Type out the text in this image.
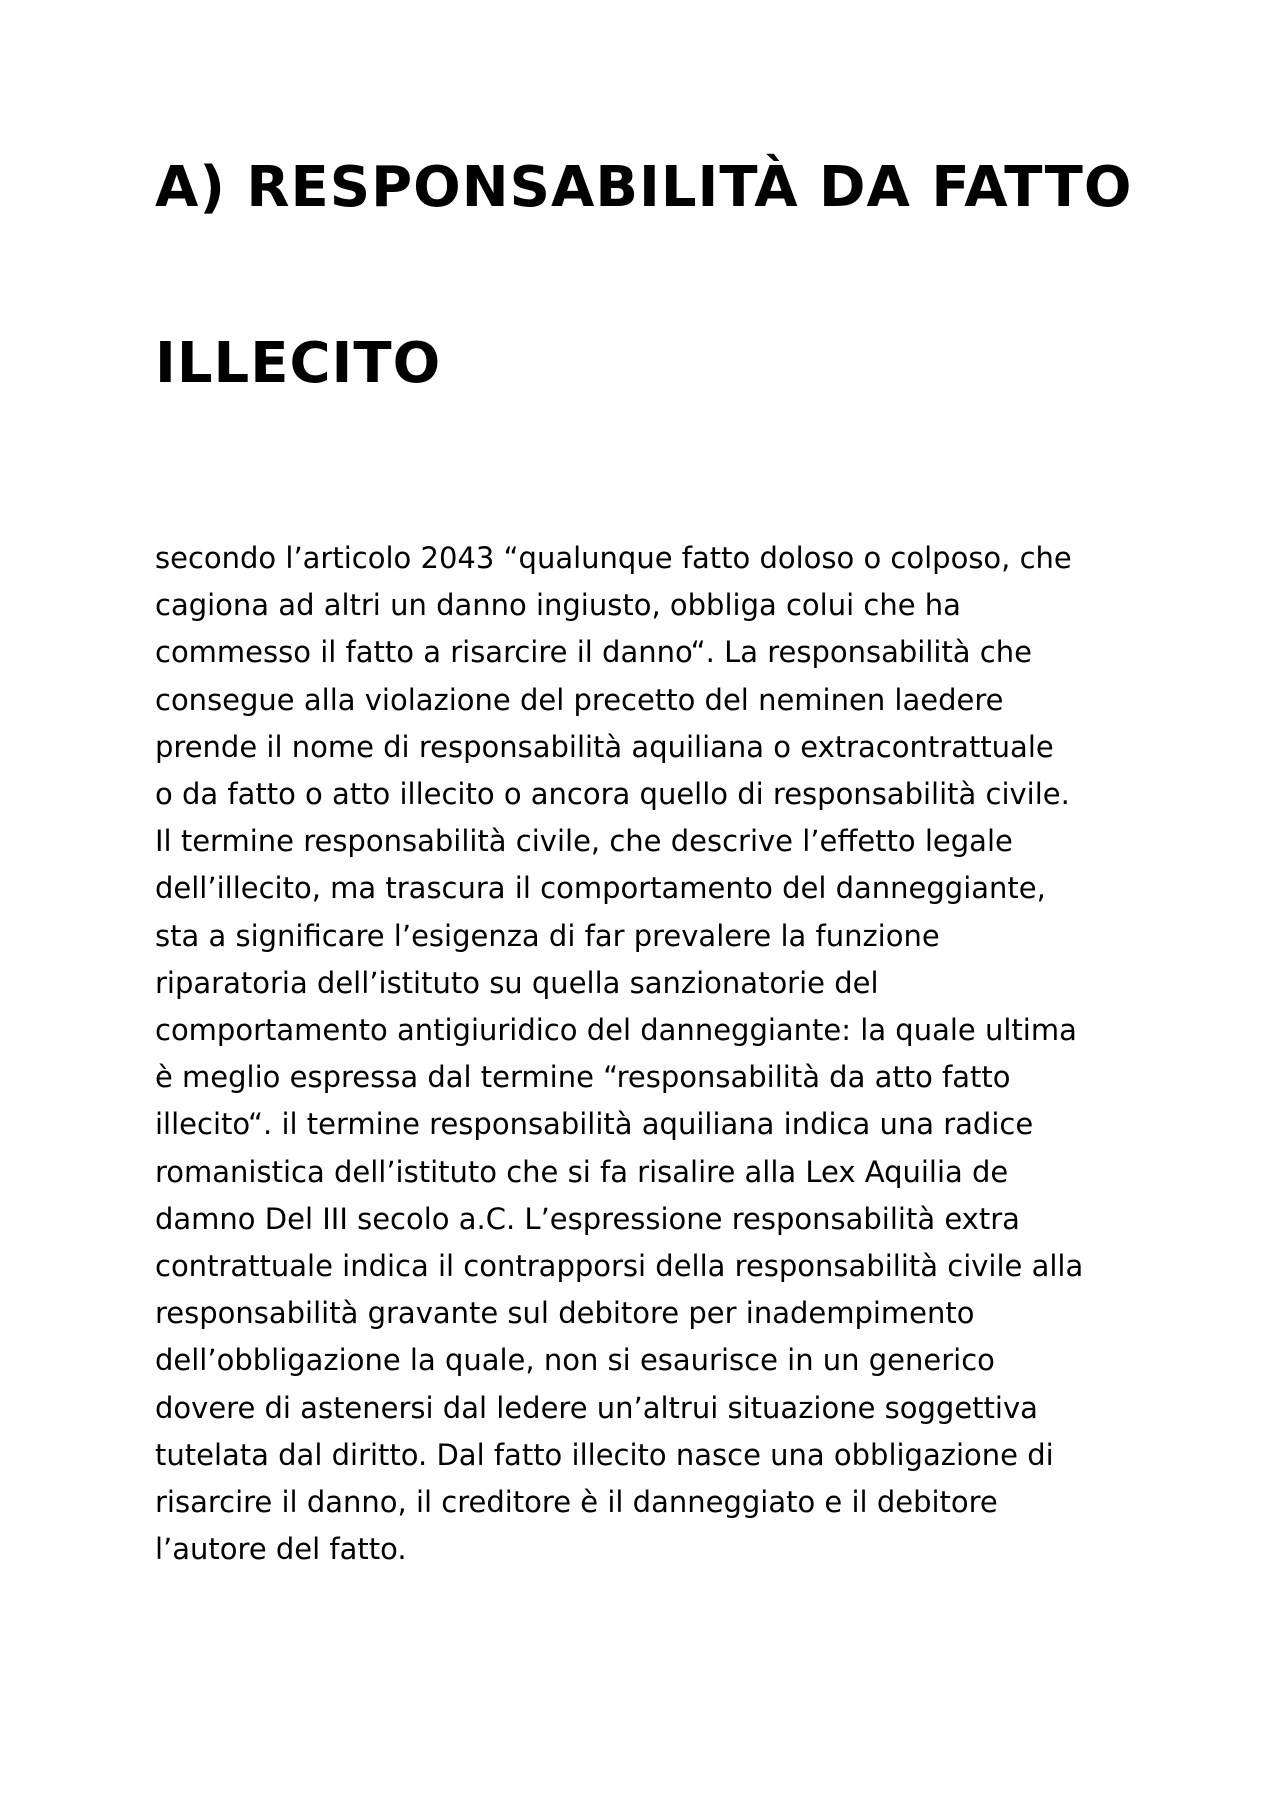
A) RESPONSABILITÀ DA FATTO
ILLECITO

secondo l’articolo 2043 “qualunque fatto doloso o colposo, che
cagiona ad altri un danno ingiusto, obbliga colui che ha
commesso il fatto a risarcire il danno“. La responsabilità che
consegue alla violazione del precetto del neminen laedere
prende il nome di responsabilità aquiliana o extracontrattuale
o da fatto o atto illecito o ancora quello di responsabilità civile.
Il termine responsabilità civile, che descrive l’effetto legale
dell’illecito, ma trascura il comportamento del danneggiante,
sta a significare l’esigenza di far prevalere la funzione
riparatoria dell’istituto su quella sanzionatorie del
comportamento antigiuridico del danneggiante: la quale ultima
è meglio espressa dal termine “responsabilità da atto fatto
illecito“. il termine responsabilità aquiliana indica una radice
romanistica dell’istituto che si fa risalire alla Lex Aquilia de
damno Del III secolo a.C. L’espressione responsabilità extra
contrattuale indica il contrapporsi della responsabilità civile alla
responsabilità gravante sul debitore per inadempimento
dell’obbligazione la quale, non si esaurisce in un generico
dovere di astenersi dal ledere un’altrui situazione soggettiva
tutelata dal diritto. Dal fatto illecito nasce una obbligazione di
risarcire il danno, il creditore è il danneggiato e il debitore
l’autore del fatto.
